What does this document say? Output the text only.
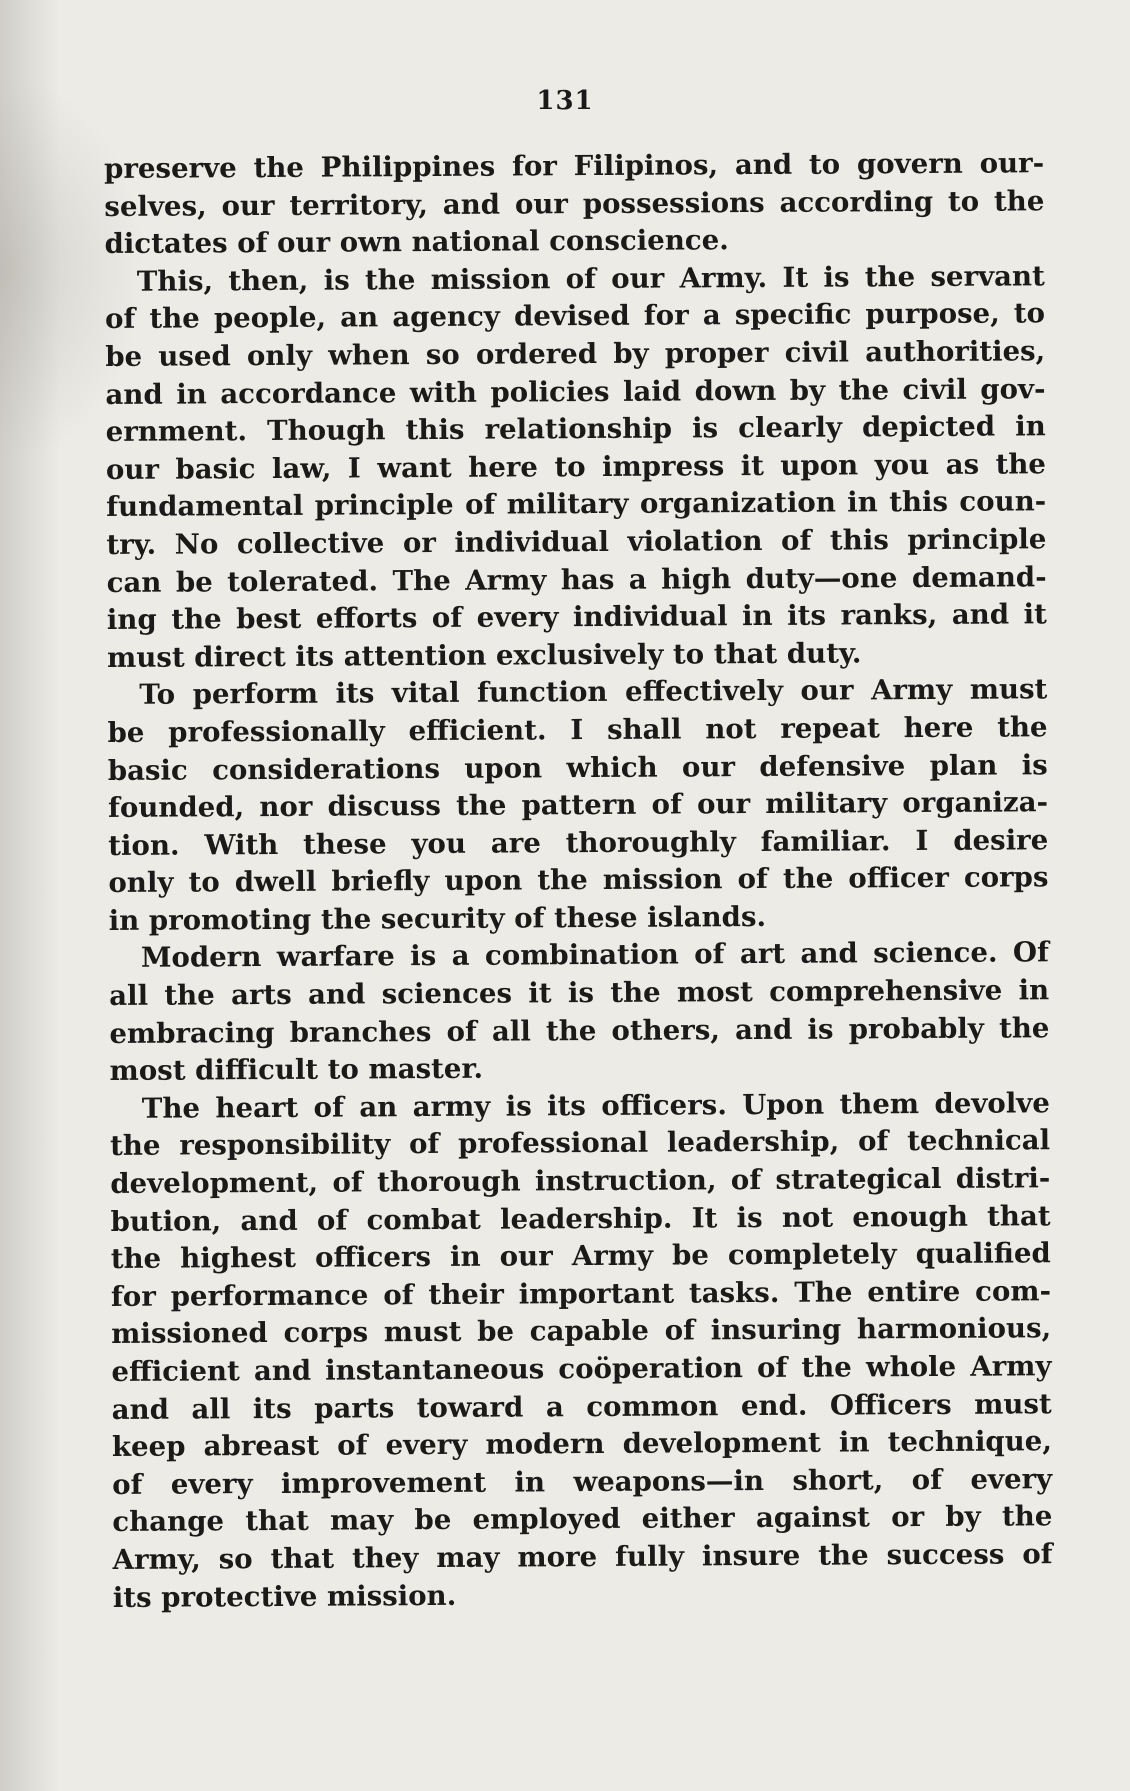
131
preserve the Philippines for Filipinos, and to govern our-
selves, our territory, and our possessions according to the
dictates of our own national conscience.
This, then, is the mission of our Army. It is the servant
of the people, an agency devised for a specific purpose, to
be used only when so ordered by proper civil authorities,
and in accordance with policies laid down by the civil gov-
ernment. Though this relationship is clearly depicted in
our basic law, I want here to impress it upon you as the
fundamental principle of military organization in this coun-
try. No collective or individual violation of this principle
can be tolerated. The Army has a high duty—one demand-
ing the best efforts of every individual in its ranks, and it
must direct its attention exclusively to that duty.
To perform its vital function effectively our Army must
be professionally efficient. I shall not repeat here the
basic considerations upon which our defensive plan is
founded, nor discuss the pattern of our military organiza-
tion. With these you are thoroughly familiar. I desire
only to dwell briefly upon the mission of the officer corps
in promoting the security of these islands.
Modern warfare is a combination of art and science. Of
all the arts and sciences it is the most comprehensive in
embracing branches of all the others, and is probably the
most difficult to master.
The heart of an army is its officers. Upon them devolve
the responsibility of professional leadership, of technical
development, of thorough instruction, of strategical distri-
bution, and of combat leadership. It is not enough that
the highest officers in our Army be completely qualified
for performance of their important tasks. The entire com-
missioned corps must be capable of insuring harmonious,
efficient and instantaneous coöperation of the whole Army
and all its parts toward a common end. Officers must
keep abreast of every modern development in technique,
of every improvement in weapons—in short, of every
change that may be employed either against or by the
Army, so that they may more fully insure the success of
its protective mission.
